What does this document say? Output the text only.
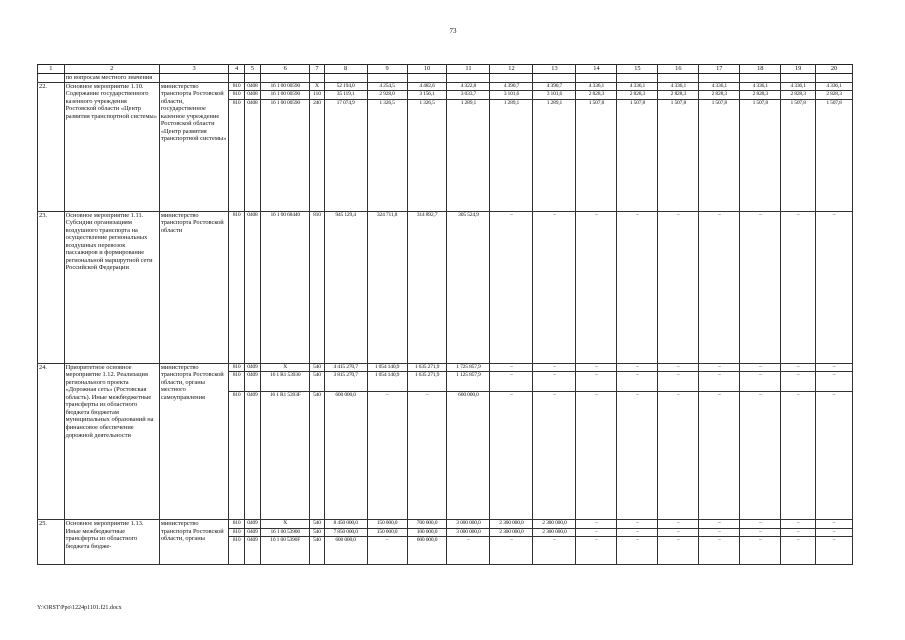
73
1	2	3	4	5	6	7	8	9	10	11	12	13	14	15	16	17	18	19	20
	по вопросам местного значения																		
22.	Основное мероприятие 1.10. Содержание государственного казенного учреждения Ростовской области «Центр развития транспортной системы»	министерство транспорта Ростовской области, государственное казенное учреждение Ростовской области «Центр развития транспортной системы»	810	0408	16 1 00 00590	Х	52 194,0	4 254,5	4 482,6	4 322,8	4 390,7	4 390,7	4 336,1	4 336,1	4 336,1	4 336,1	4 336,1	4 336,1	4 336,1
			810	0408	16 1 00 00590	110	35 119,1	2 928,0	3 156,1	3 033,7	3 101,6	3 101,6	2 828,3	2 828,3	2 828,3	2 828,3	2 828,3	2 828,3	2 828,3
			810	0408	16 1 00 00590	240	17 074,9	1 326,5	1 326,5	1 289,1	1 289,1	1 289,1	1 507,8	1 507,8	1 507,8	1 507,8	1 507,8	1 507,8	1 507,8
23.	Основное мероприятие 1.11. Субсидии организациям воздушного транспорта на осуществление региональных воздушных перевозок пассажиров и формирование региональной маршрутной сети Российской Федерации	министерство транспорта Ростовской области	810	0408	16 1 00 68440	810	945 129,4	324 711,8	314 892,7	305 524,9	–	–	–	–	–	–	–	–	–
24.	Приоритетное основное мероприятие 1.12. Реализация регионального проекта «Дорожная сеть» (Ростовская область). Иные межбюджетные трансферты из областного бюджета бюджетам муниципальных образований на финансовое обеспечение дорожной деятельности	министерство транспорта Ростовской области, органы местного самоуправления	810	0409	Х	540	4 415 270,7	1 054 140,9	1 635 271,9	1 725 857,9	–	–	–	–	–	–	–	–	–
			810	0409	16 1 R1 53930	540	3 815 270,7	1 054 140,9	1 635 271,9	1 125 857,9	–	–	–	–	–	–	–	–	–
			810	0409	16 1 R1 5393F	540	600 000,0	–	–	600 000,0	–	–	–	–	–	–	–	–	–
25.	Основное мероприятие 1.13. Иные межбюджетные трансферты из областного бюджета бюдже-	министерство транспорта Ростовской области, органы	810	0409	Х	540	8 450 000,0	150 000,0	700 000,0	3 000 000,0	2 300 000,0	2 300 000,0	–	–	–	–	–	–	–
			810	0409	16 1 00 53900	540	7 850 000,0	150 000,0	100 000,0	3 000 000,0	2 300 000,0	2 300 000,0	–	–	–	–	–	–	–
			810	0409	16 1 00 5390F	540	600 000,0	–	600 000,0	–	–	–	–	–	–	–	–	–	–
Y:\ORST\Ppo\1224p1101.f21.docx
